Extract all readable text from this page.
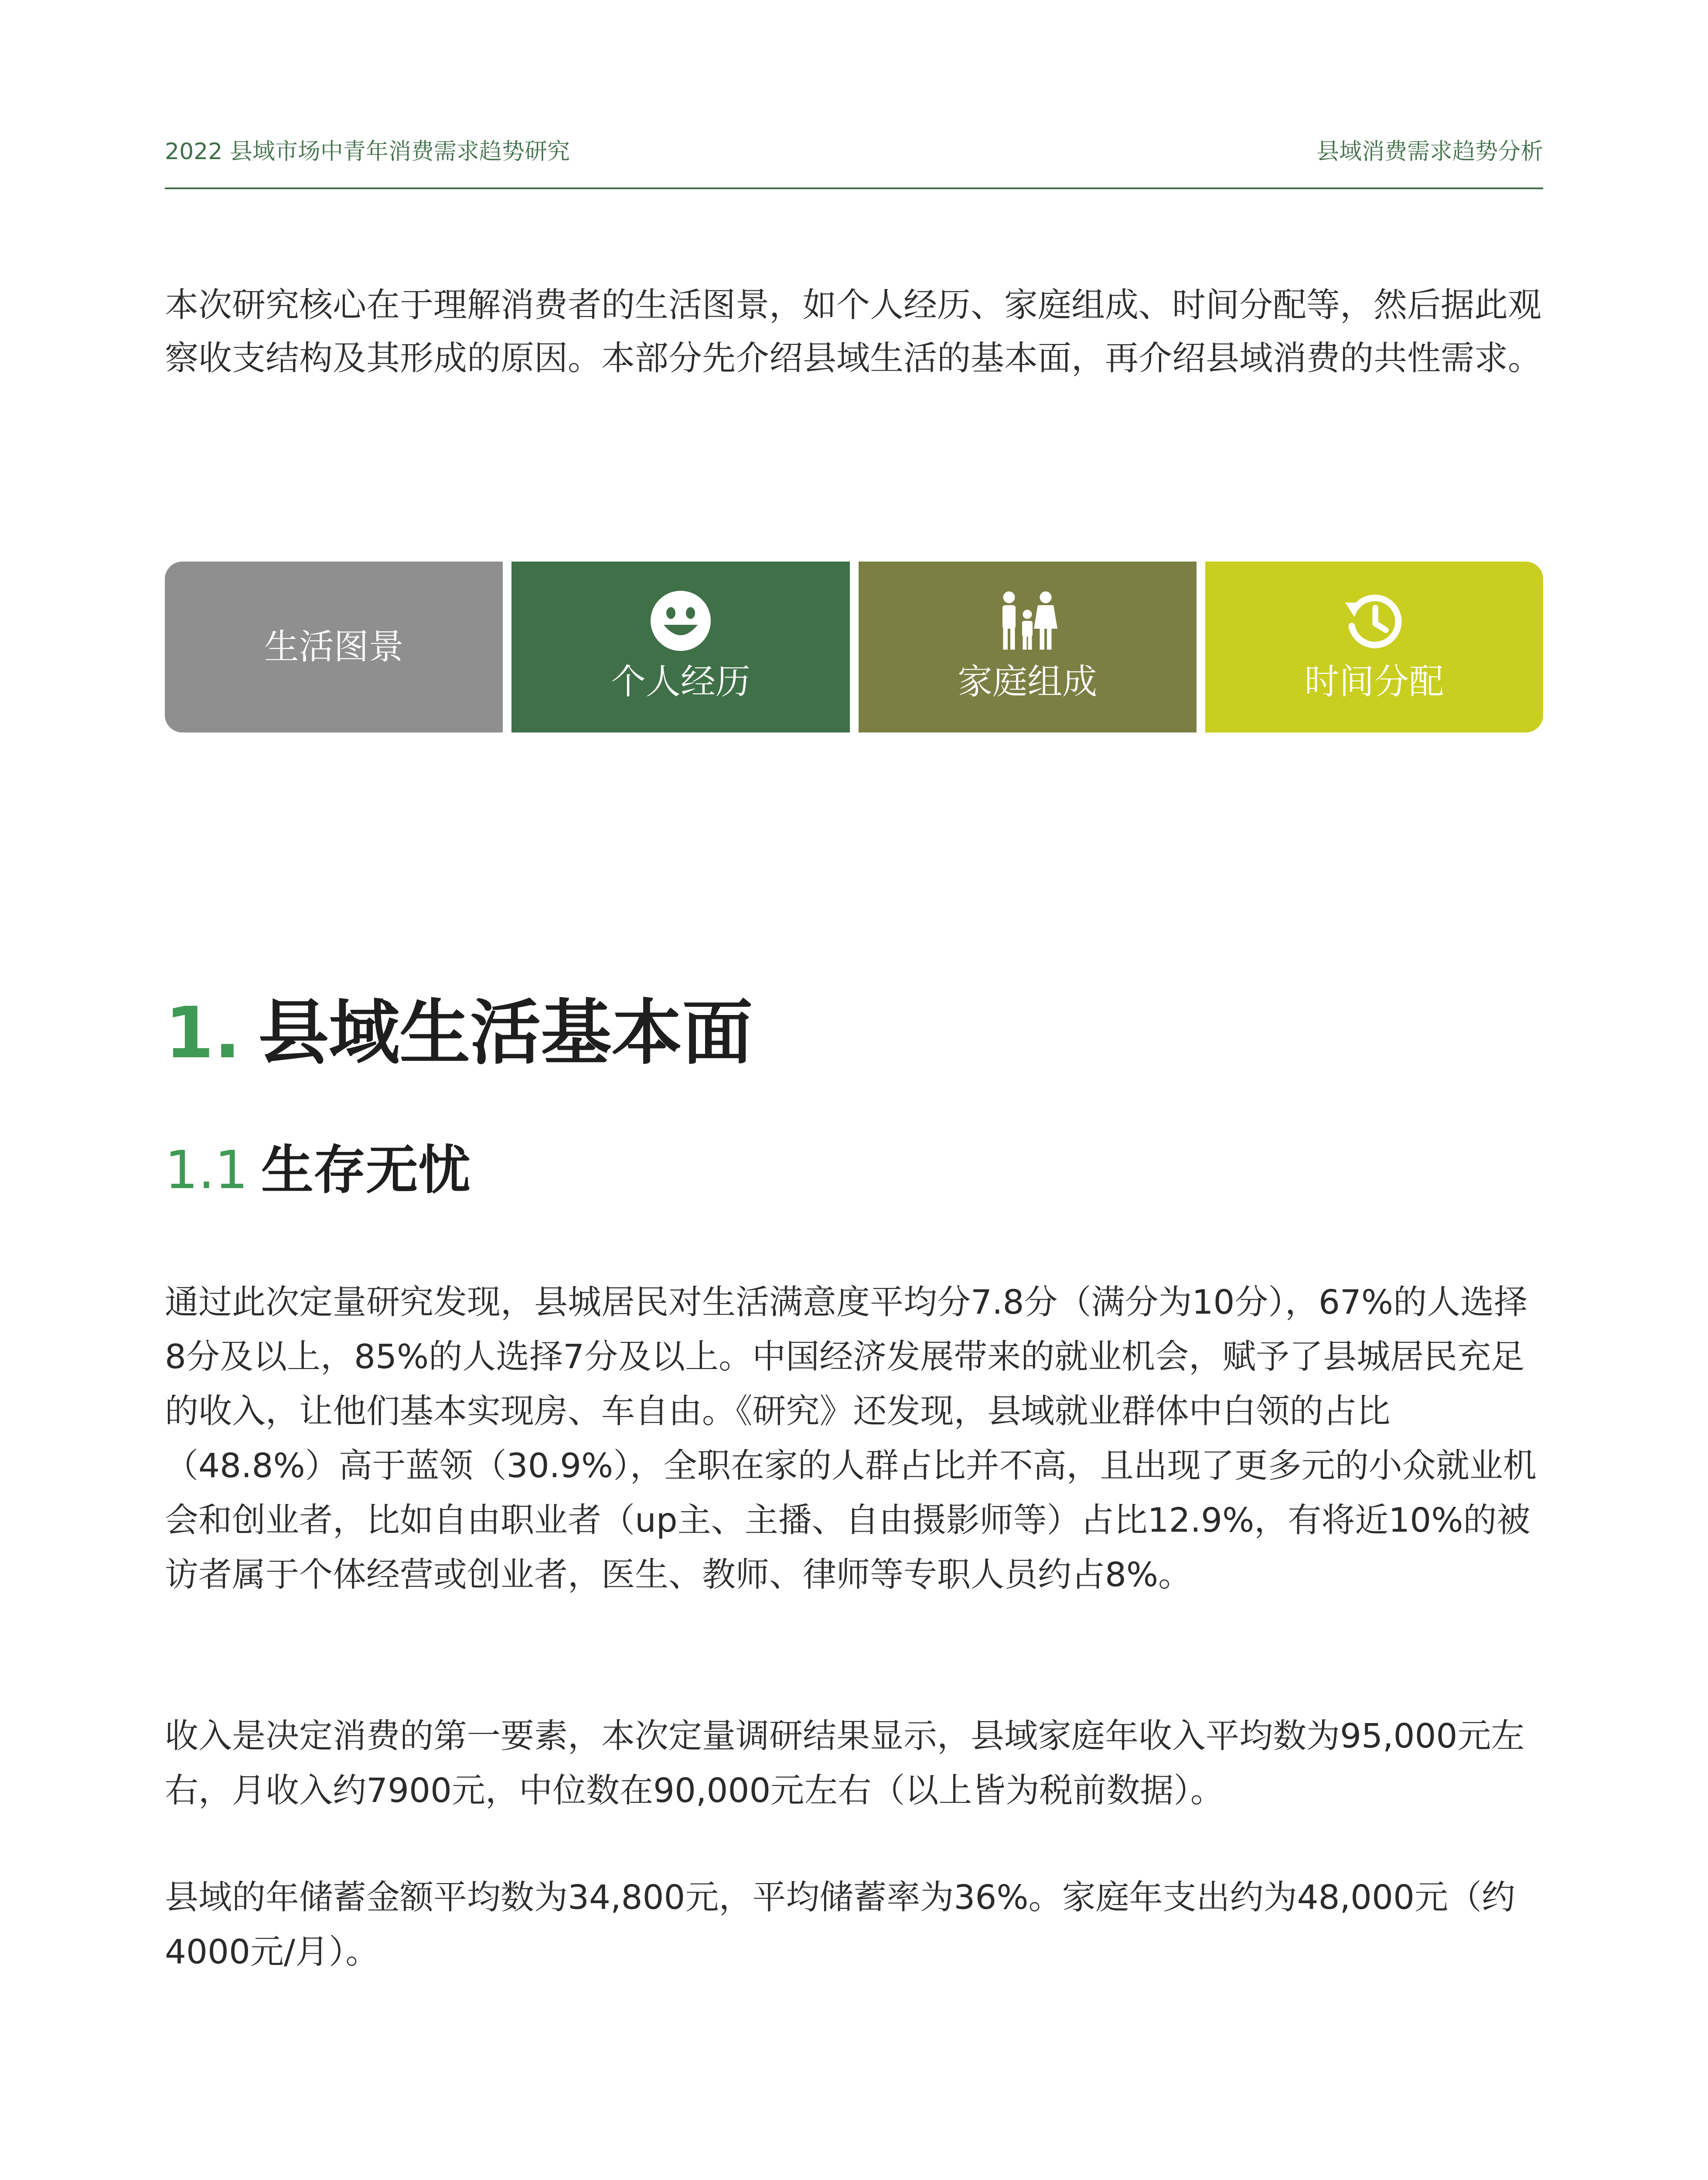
2022 县域市场中青年消费需求趋势研究	县域消费需求趋势分析

本次研究核心在于理解消费者的生活图景，如个人经历、家庭组成、时间分配等，然后据此观察收支结构及其形成的原因。本部分先介绍县域生活的基本面，再介绍县域消费的共性需求。

生活图景
个人经历	家庭组成	时间分配
1. 县域生活基本面
1.1 生存无忧

通过此次定量研究发现，县城居民对生活满意度平均分7.8分（满分为10分），67%的人选择8分及以上，85%的人选择7分及以上。中国经济发展带来的就业机会，赋予了县城居民充足的收入，让他们基本实现房、车自由。《研究》还发现，县域就业群体中白领的占比（48.8%）高于蓝领（30.9%），全职在家的人群占比并不高，且出现了更多元的小众就业机会和创业者，比如自由职业者（up主、主播、自由摄影师等）占比12.9%，有将近10%的被访者属于个体经营或创业者，医生、教师、律师等专职人员约占8%。

收入是决定消费的第一要素，本次定量调研结果显示，县域家庭年收入平均数为95,000元左右，月收入约7900元，中位数在90,000元左右（以上皆为税前数据）。

县域的年储蓄金额平均数为34,800元，平均储蓄率为36%。家庭年支出约为48,000元（约4000元/月）。
